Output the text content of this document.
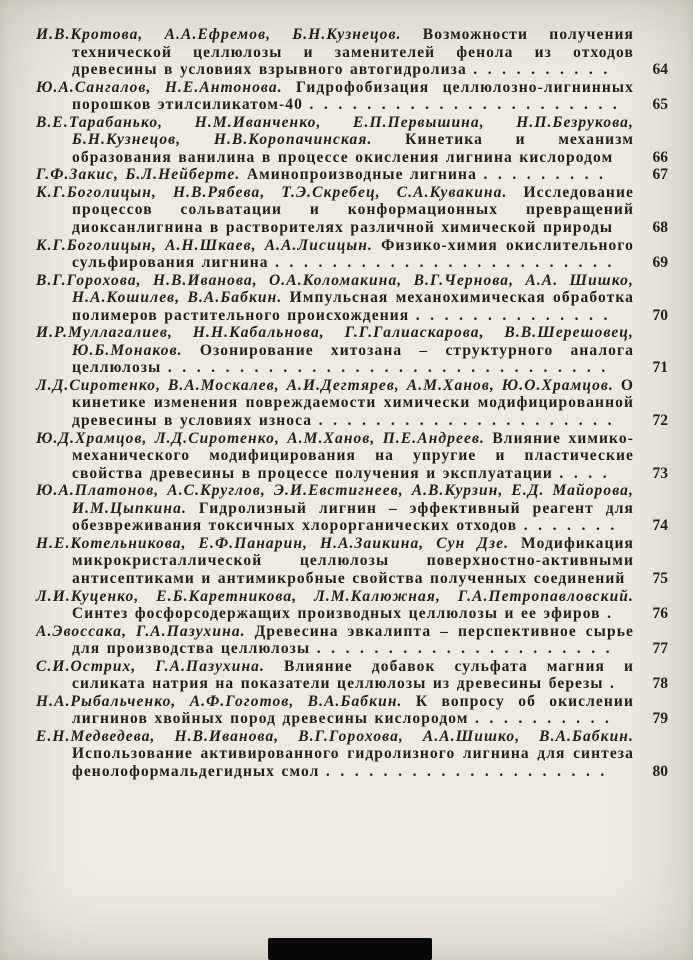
И.В.Кротова, А.А.Ефремов, Б.Н.Кузнецов. Возможности получения технической целлюлозы и заменителей фенола из отходов древесины в условиях взрывного автогидролиза . . . . . . . . . .	64
Ю.А.Сангалов, Н.Е.Антонова. Гидрофобизация целлюлозно-лигнинных порошков этилсиликатом-40 . . . . . . . . . . . . . . . . . . . . . .	65
В.Е.Тарабанько, Н.М.Иванченко, Е.П.Первышина, Н.П.Безрукова, Б.Н.Кузнецов, Н.В.Коропачинская. Кинетика и механизм образования ванилина в процессе окисления лигнина кислородом	66
Г.Ф.Закис, Б.Л.Нейберте. Аминопроизводные лигнина . . . . . . . . .	67
К.Г.Боголицын, Н.В.Рябева, Т.Э.Скребец, С.А.Кувакина. Исследование процессов сольватации и конформационных превращений диоксанлигнина в растворителях различной химической природы	68
К.Г.Боголицын, А.Н.Шкаев, А.А.Лисицын. Физико-химия окислительного сульфирования лигнина . . . . . . . . . . . . . . . . . . . . . . . .	69
В.Г.Горохова, Н.В.Иванова, О.А.Коломакина, В.Г.Чернова, А.А. Шишко, Н.А.Кошилев, В.А.Бабкин. Импульсная механохимическая обработка полимеров растительного происхождения . . . . . . . . . . . . . .	70
И.Р.Муллагалиев, Н.Н.Кабальнова, Г.Г.Галиаскарова, В.В.Шерешовец, Ю.Б.Монаков. Озонирование хитозана – структурного аналога целлюлозы . . . . . . . . . . . . . . . . . . . . . . . . . . . . . . .	71
Л.Д.Сиротенко, В.А.Москалев, А.И.Дегтярев, А.М.Ханов, Ю.О.Храмцов. О кинетике изменения повреждаемости химически модифицированной древесины в условиях износа . . . . . . . . . . . . . . . . . . . . .	72
Ю.Д.Храмцов, Л.Д.Сиротенко, А.М.Ханов, П.Е.Андреев. Влияние химико-механического модифицирования на упругие и пластические свойства древесины в процессе получения и эксплуатации . . . .	73
Ю.А.Платонов, А.С.Круглов, Э.И.Евстигнеев, А.В.Курзин, Е.Д. Майорова, И.М.Цыпкина. Гидролизный лигнин – эффективный реагент для обезвреживания токсичных хлорорганических отходов . . . . . . .	74
Н.Е.Котельникова, Е.Ф.Панарин, Н.А.Заикина, Сун Дзе. Модификация микрокристаллической целлюлозы поверхностно-активными антисептиками и антимикробные свойства полученных соединений	75
Л.И.Куценко, Е.Б.Каретникова, Л.М.Калюжная, Г.А.Петропавловский. Синтез фосфорсодержащих производных целлюлозы и ее эфиров .	76
А.Эвоссака, Г.А.Пазухина. Древесина эвкалипта – перспективное сырье для производства целлюлозы . . . . . . . . . . . . . . . . . . . . .	77
С.И.Острих, Г.А.Пазухина. Влияние добавок сульфата магния и силиката натрия на показатели целлюлозы из древесины березы .	78
Н.А.Рыбальченко, А.Ф.Гоготов, В.А.Бабкин. К вопросу об окислении лигнинов хвойных пород древесины кислородом . . . . . . . . . .	79
Е.Н.Медведева, Н.В.Иванова, В.Г.Горохова, А.А.Шишко, В.А.Бабкин. Использование активированного гидролизного лигнина для синтеза фенолоформальдегидных смол . . . . . . . . . . . . . . . . . . . .	80
